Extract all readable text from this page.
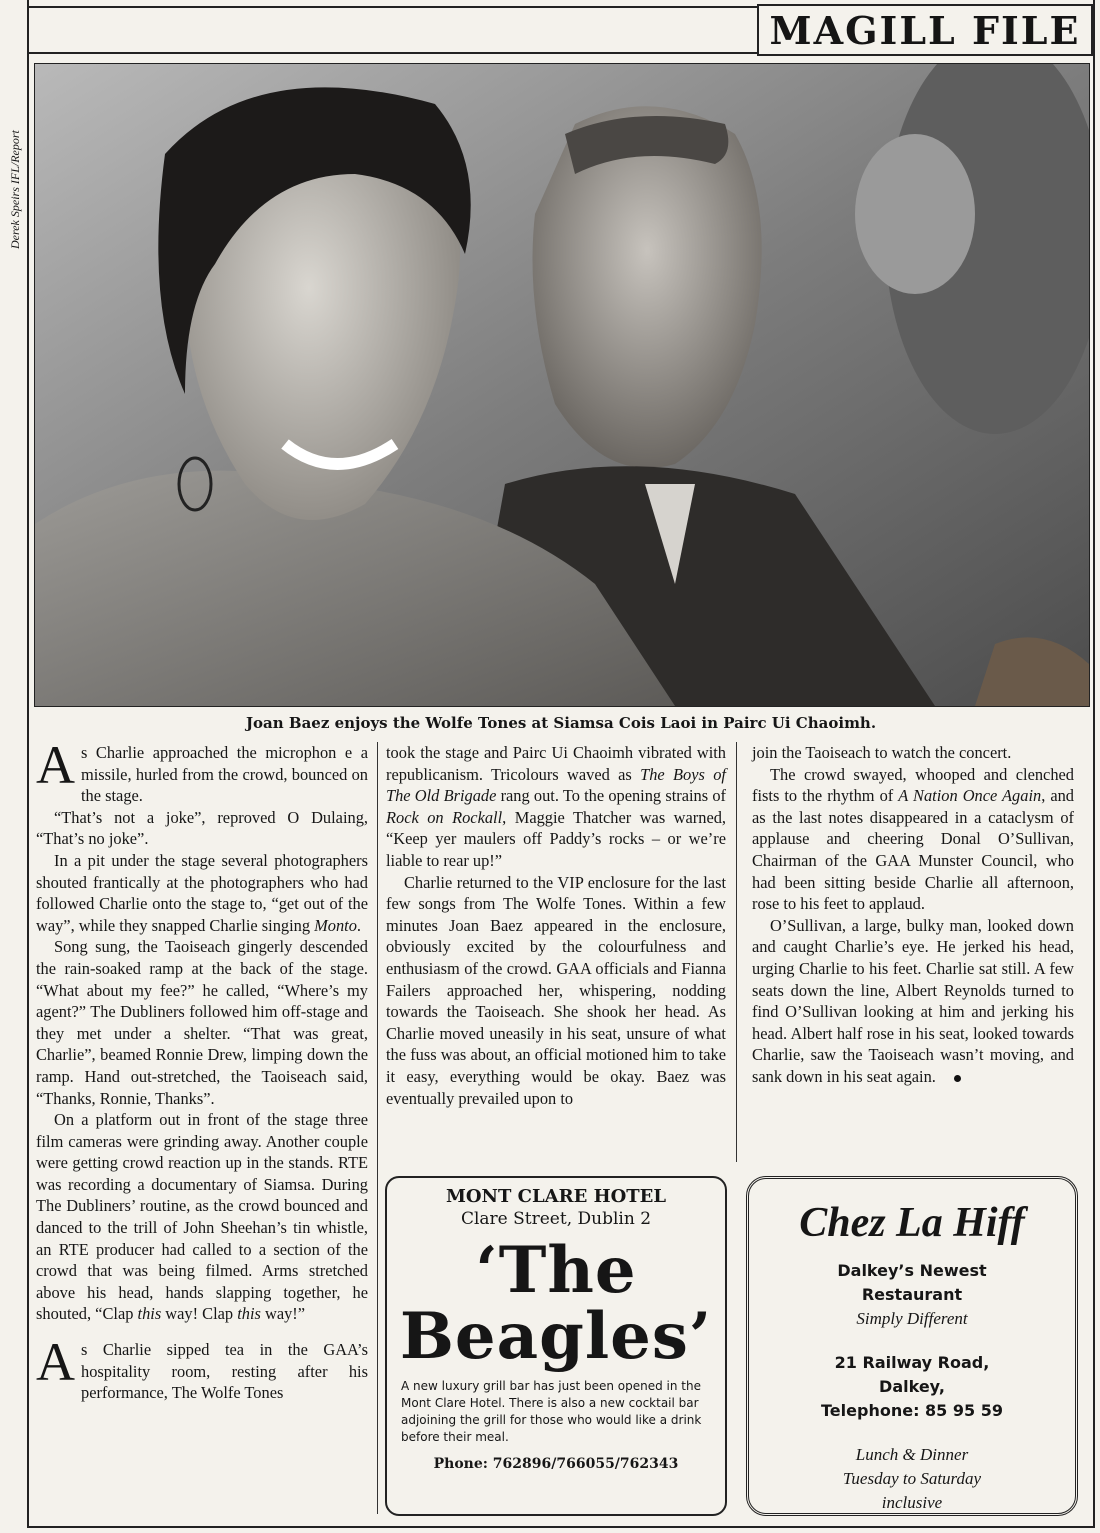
MAGILL FILE
Derek Speirs IFL/Report
Joan Baez enjoys the Wolfe Tones at Siamsa Cois Laoi in Pairc Ui Chaoimh.

As Charlie approached the microphon e a missile, hurled from the crowd, bounced on the stage.

“That’s not a joke”, reproved O Dulaing, “That’s no joke”.

In a pit under the stage several photographers shouted frantically at the photographers who had followed Charlie onto the stage to, “get out of the way”, while they snapped Charlie singing Monto.

Song sung, the Taoiseach gingerly descended the rain-soaked ramp at the back of the stage. “What about my fee?” he called, “Where’s my agent?” The Dubliners followed him off-stage and they met under a shelter. “That was great, Charlie”, beamed Ronnie Drew, limping down the ramp. Hand out-stretched, the Taoiseach said, “Thanks, Ronnie, Thanks”.

On a platform out in front of the stage three film cameras were grinding away. Another couple were getting crowd reaction up in the stands. RTE was recording a documentary of Siamsa. During The Dubliners’ routine, as the crowd bounced and danced to the trill of John Sheehan’s tin whistle, an RTE producer had called to a section of the crowd that was being filmed. Arms stretched above his head, hands slapping together, he shouted, “Clap this way! Clap this way!”

As Charlie sipped tea in the GAA’s hospitality room, resting after his performance, The Wolfe Tones

took the stage and Pairc Ui Chaoimh vibrated with republicanism. Tricolours waved as The Boys of The Old Brigade rang out. To the opening strains of Rock on Rockall, Maggie Thatcher was warned, “Keep yer maulers off Paddy’s rocks – or we’re liable to rear up!”

Charlie returned to the VIP enclosure for the last few songs from The Wolfe Tones. Within a few minutes Joan Baez appeared in the enclosure, obviously excited by the colourfulness and enthusiasm of the crowd. GAA officials and Fianna Failers approached her, whispering, nodding towards the Taoiseach. She shook her head. As Charlie moved uneasily in his seat, unsure of what the fuss was about, an official motioned him to take it easy, everything would be okay. Baez was eventually prevailed upon to

join the Taoiseach to watch the concert.

The crowd swayed, whooped and clenched fists to the rhythm of A Nation Once Again, and as the last notes disappeared in a cataclysm of applause and cheering Donal O’Sullivan, Chairman of the GAA Munster Council, who had been sitting beside Charlie all afternoon, rose to his feet to applaud.

O’Sullivan, a large, bulky man, looked down and caught Charlie’s eye. He jerked his head, urging Charlie to his feet. Charlie sat still. A few seats down the line, Albert Reynolds turned to find O’Sullivan looking at him and jerking his head. Albert half rose in his seat, looked towards Charlie, saw the Taoiseach wasn’t moving, and sank down in his seat again.

MONT CLARE HOTEL
Clare Street, Dublin 2
‘The
Beagles’
A new luxury grill bar has just been opened in the Mont Clare Hotel. There is also a new cocktail bar adjoining the grill for those who would like a drink before their meal.
Phone: 762896/766055/762343
Chez La Hiff
Dalkey’s Newest
Restaurant
Simply Different
21 Railway Road,
Dalkey,
Telephone: 85 95 59
Lunch & Dinner
Tuesday to Saturday
inclusive
